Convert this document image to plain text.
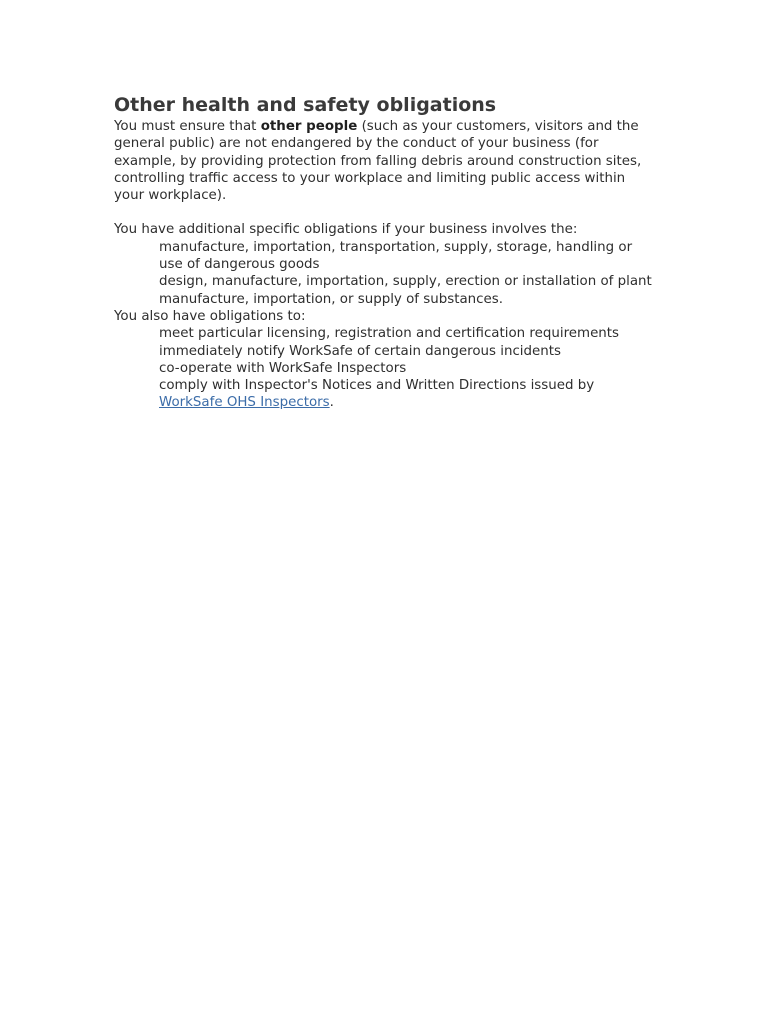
Other health and safety obligations

You must ensure that other people (such as your customers, visitors and the general public) are not endangered by the conduct of your business (for example, by providing protection from falling debris around construction sites, controlling traffic access to your workplace and limiting public access within your workplace).

You have additional specific obligations if your business involves the:

manufacture, importation, transportation, supply, storage, handling or use of dangerous goods
design, manufacture, importation, supply, erection or installation of plant
manufacture, importation, or supply of substances.

You also have obligations to:

meet particular licensing, registration and certification requirements
immediately notify WorkSafe of certain dangerous incidents
co-operate with WorkSafe Inspectors
comply with Inspector's Notices and Written Directions issued by WorkSafe OHS Inspectors.
